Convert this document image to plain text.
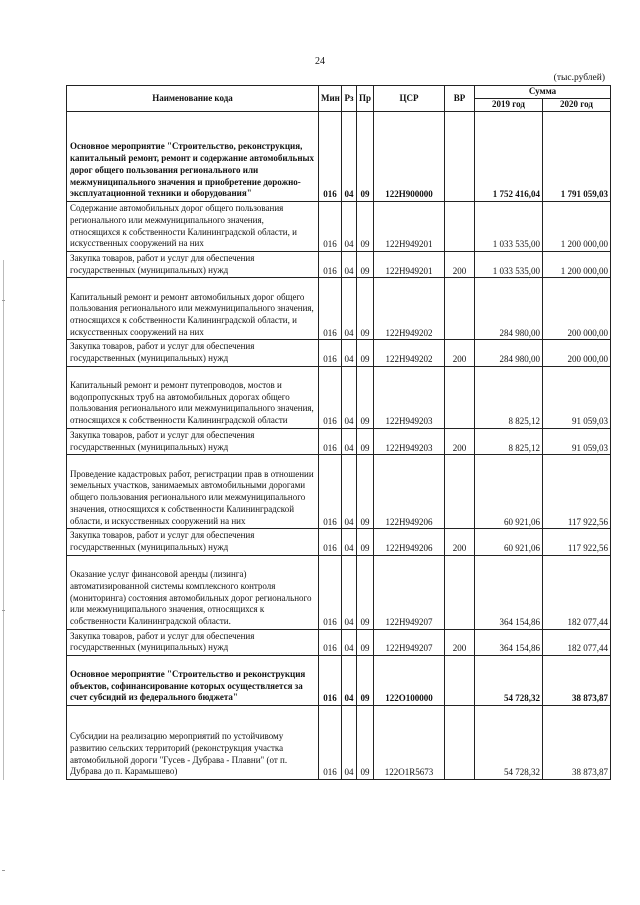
24
(тыс.рублей)
Наименование кода	Мин	Рз	Пр	ЦСР	ВР	Сумма	
						2019 год	2020 год
Основное мероприятие "Строительство, реконструкция, капитальный ремонт, ремонт и содержание автомобильных дорог общего пользования регионального или межмуниципального значения и приобретение дорожно-эксплуатационной техники и оборудования"	016	04	09	122H900000		1 752 416,04	1 791 059,03
Содержание автомобильных дорог общего пользования регионального или межмуниципального значения, относящихся к собственности Калининградской области, и искусственных сооружений на них	016	04	09	122H949201		1 033 535,00	1 200 000,00
Закупка товаров, работ и услуг для обеспечения государственных (муниципальных) нужд	016	04	09	122H949201	200	1 033 535,00	1 200 000,00
Капитальный ремонт и ремонт автомобильных дорог общего пользования регионального или межмуниципального значения, относящихся к собственности Калининградской области, и искусственных сооружений на них	016	04	09	122H949202		284 980,00	200 000,00
Закупка товаров, работ и услуг для обеспечения государственных (муниципальных) нужд	016	04	09	122H949202	200	284 980,00	200 000,00
Капитальный ремонт и ремонт путепроводов, мостов и водопропускных труб на автомобильных дорогах общего пользования регионального или межмуниципального значения, относящихся к собственности Калининградской области	016	04	09	122H949203		8 825,12	91 059,03
Закупка товаров, работ и услуг для обеспечения государственных (муниципальных) нужд	016	04	09	122H949203	200	8 825,12	91 059,03
Проведение кадастровых работ, регистрации прав в отношении земельных участков, занимаемых автомобильными дорогами общего пользования регионального или межмуниципального значения, относящихся к собственности Калининградской области, и искусственных сооружений на них	016	04	09	122H949206		60 921,06	117 922,56
Закупка товаров, работ и услуг для обеспечения государственных (муниципальных) нужд	016	04	09	122H949206	200	60 921,06	117 922,56
Оказание услуг финансовой аренды (лизинга) автоматизированной системы комплексного контроля (мониторинга) состояния автомобильных дорог регионального или межмуниципального значения, относящихся к собственности Калининградской области.	016	04	09	122H949207		364 154,86	182 077,44
Закупка товаров, работ и услуг для обеспечения государственных (муниципальных) нужд	016	04	09	122H949207	200	364 154,86	182 077,44
Основное мероприятие "Строительство и реконструкция объектов, софинансирование которых осуществляется за счет субсидий из федерального бюджета"	016	04	09	122O100000		54 728,32	38 873,87
Субсидии на реализацию мероприятий по устойчивому развитию сельских территорий (реконструкция участка автомобильной дороги "Гусев - Дубрава - Плавни" (от п. Дубрава до п. Карамышево)	016	04	09	122O1R5673		54 728,32	38 873,87
